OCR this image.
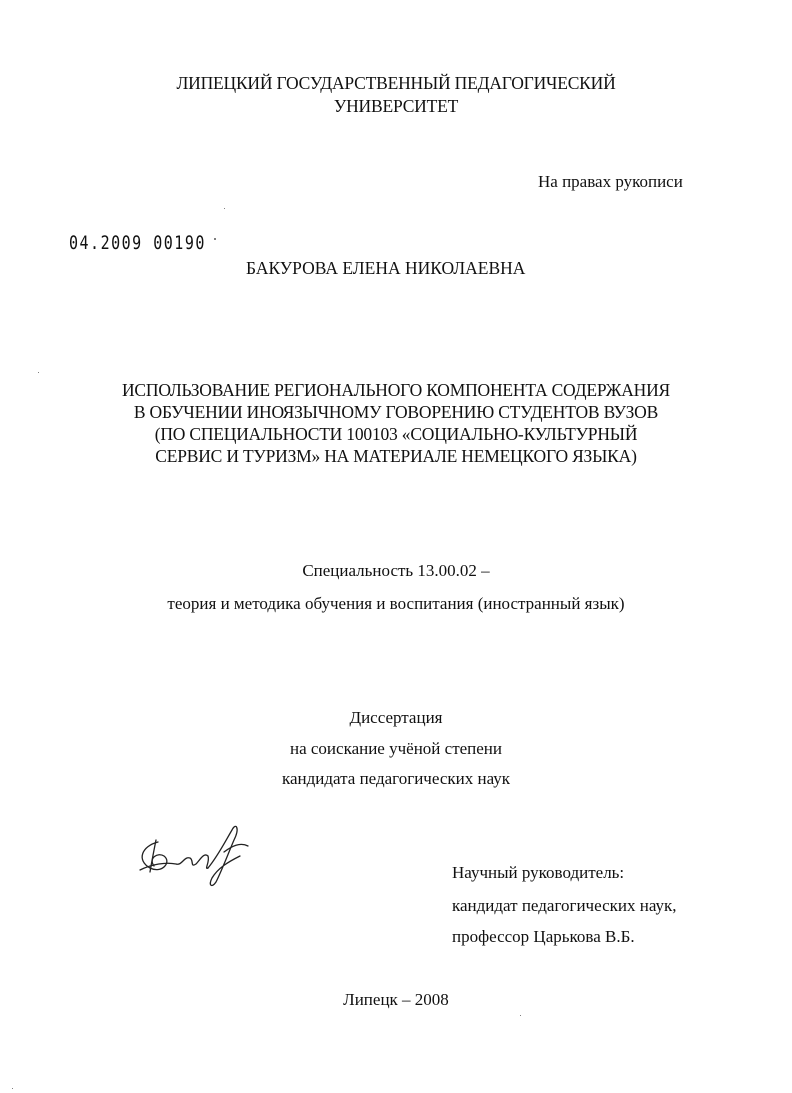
ЛИПЕЦКИЙ ГОСУДАРСТВЕННЫЙ ПЕДАГОГИЧЕСКИЙ
УНИВЕРСИТЕТ
На правах рукописи
04.2009 00190
БАКУРОВА ЕЛЕНА НИКОЛАЕВНА
ИСПОЛЬЗОВАНИЕ РЕГИОНАЛЬНОГО КОМПОНЕНТА СОДЕРЖАНИЯ
В ОБУЧЕНИИ ИНОЯЗЫЧНОМУ ГОВОРЕНИЮ СТУДЕНТОВ ВУЗОВ
(ПО СПЕЦИАЛЬНОСТИ 100103 «СОЦИАЛЬНО-КУЛЬТУРНЫЙ
СЕРВИС И ТУРИЗМ» НА МАТЕРИАЛЕ НЕМЕЦКОГО ЯЗЫКА)
Специальность 13.00.02 –
теория и методика обучения и воспитания (иностранный язык)
Диссертация
на соискание учёной степени
кандидата педагогических наук
Научный руководитель:
кандидат педагогических наук,
профессор Царькова В.Б.
Липецк – 2008
